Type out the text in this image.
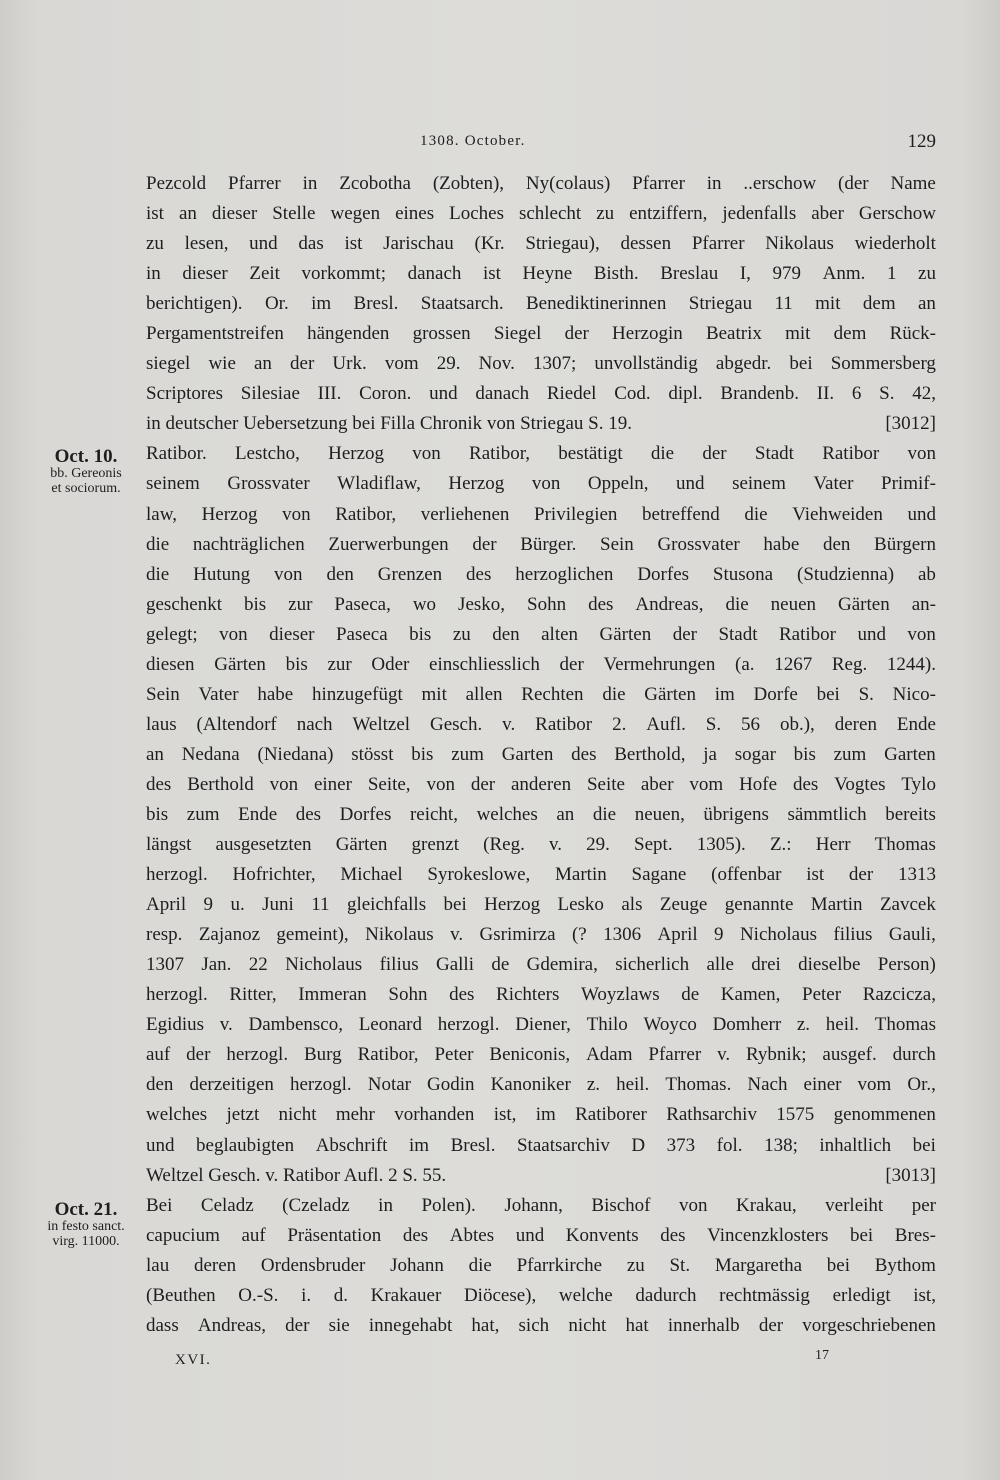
1308. October.	129
Oct. 10.
bb. Gereonis
et sociorum.
Oct. 21.
in festo sanct.
virg. 11000.
Pezcold Pfarrer in Zcobotha (Zobten), Ny(colaus) Pfarrer in ..erschow (der Name
ist an dieser Stelle wegen eines Loches schlecht zu entziffern, jedenfalls aber Gerschow
zu lesen, und das ist Jarischau (Kr. Striegau), dessen Pfarrer Nikolaus wiederholt
in dieser Zeit vorkommt; danach ist Heyne Bisth. Breslau I, 979 Anm. 1 zu
berichtigen). Or. im Bresl. Staatsarch. Benediktinerinnen Striegau 11 mit dem an
Pergamentstreifen hängenden grossen Siegel der Herzogin Beatrix mit dem Rück-
siegel wie an der Urk. vom 29. Nov. 1307; unvollständig abgedr. bei Sommersberg
Scriptores Silesiae III. Coron. und danach Riedel Cod. dipl. Brandenb. II. 6 S. 42,
in deutscher Uebersetzung bei Filla Chronik von Striegau S. 19.	[3012]
Ratibor. Lestcho, Herzog von Ratibor, bestätigt die der Stadt Ratibor von
seinem Grossvater Wladiflaw, Herzog von Oppeln, und seinem Vater Primif-
law, Herzog von Ratibor, verliehenen Privilegien betreffend die Viehweiden und
die nachträglichen Zuerwerbungen der Bürger. Sein Grossvater habe den Bürgern
die Hutung von den Grenzen des herzoglichen Dorfes Stusona (Studzienna) ab
geschenkt bis zur Paseca, wo Jesko, Sohn des Andreas, die neuen Gärten an-
gelegt; von dieser Paseca bis zu den alten Gärten der Stadt Ratibor und von
diesen Gärten bis zur Oder einschliesslich der Vermehrungen (a. 1267 Reg. 1244).
Sein Vater habe hinzugefügt mit allen Rechten die Gärten im Dorfe bei S. Nico-
laus (Altendorf nach Weltzel Gesch. v. Ratibor 2. Aufl. S. 56 ob.), deren Ende
an Nedana (Niedana) stösst bis zum Garten des Berthold, ja sogar bis zum Garten
des Berthold von einer Seite, von der anderen Seite aber vom Hofe des Vogtes Tylo
bis zum Ende des Dorfes reicht, welches an die neuen, übrigens sämmtlich bereits
längst ausgesetzten Gärten grenzt (Reg. v. 29. Sept. 1305). Z.: Herr Thomas
herzogl. Hofrichter, Michael Syrokeslowe, Martin Sagane (offenbar ist der 1313
April 9 u. Juni 11 gleichfalls bei Herzog Lesko als Zeuge genannte Martin Zavcek
resp. Zajanoz gemeint), Nikolaus v. Gsrimirza (? 1306 April 9 Nicholaus filius Gauli,
1307 Jan. 22 Nicholaus filius Galli de Gdemira, sicherlich alle drei dieselbe Person)
herzogl. Ritter, Immeran Sohn des Richters Woyzlaws de Kamen, Peter Razcicza,
Egidius v. Dambensco, Leonard herzogl. Diener, Thilo Woyco Domherr z. heil. Thomas
auf der herzogl. Burg Ratibor, Peter Beniconis, Adam Pfarrer v. Rybnik; ausgef. durch
den derzeitigen herzogl. Notar Godin Kanoniker z. heil. Thomas. Nach einer vom Or.,
welches jetzt nicht mehr vorhanden ist, im Ratiborer Rathsarchiv 1575 genommenen
und beglaubigten Abschrift im Bresl. Staatsarchiv D 373 fol. 138; inhaltlich bei
Weltzel Gesch. v. Ratibor Aufl. 2 S. 55.	[3013]
Bei Celadz (Czeladz in Polen). Johann, Bischof von Krakau, verleiht per
capucium auf Präsentation des Abtes und Konvents des Vincenzklosters bei Bres-
lau deren Ordensbruder Johann die Pfarrkirche zu St. Margaretha bei Bythom
(Beuthen O.-S. i. d. Krakauer Diöcese), welche dadurch rechtmässig erledigt ist,
dass Andreas, der sie innegehabt hat, sich nicht hat innerhalb der vorgeschriebenen
XVI.	17
